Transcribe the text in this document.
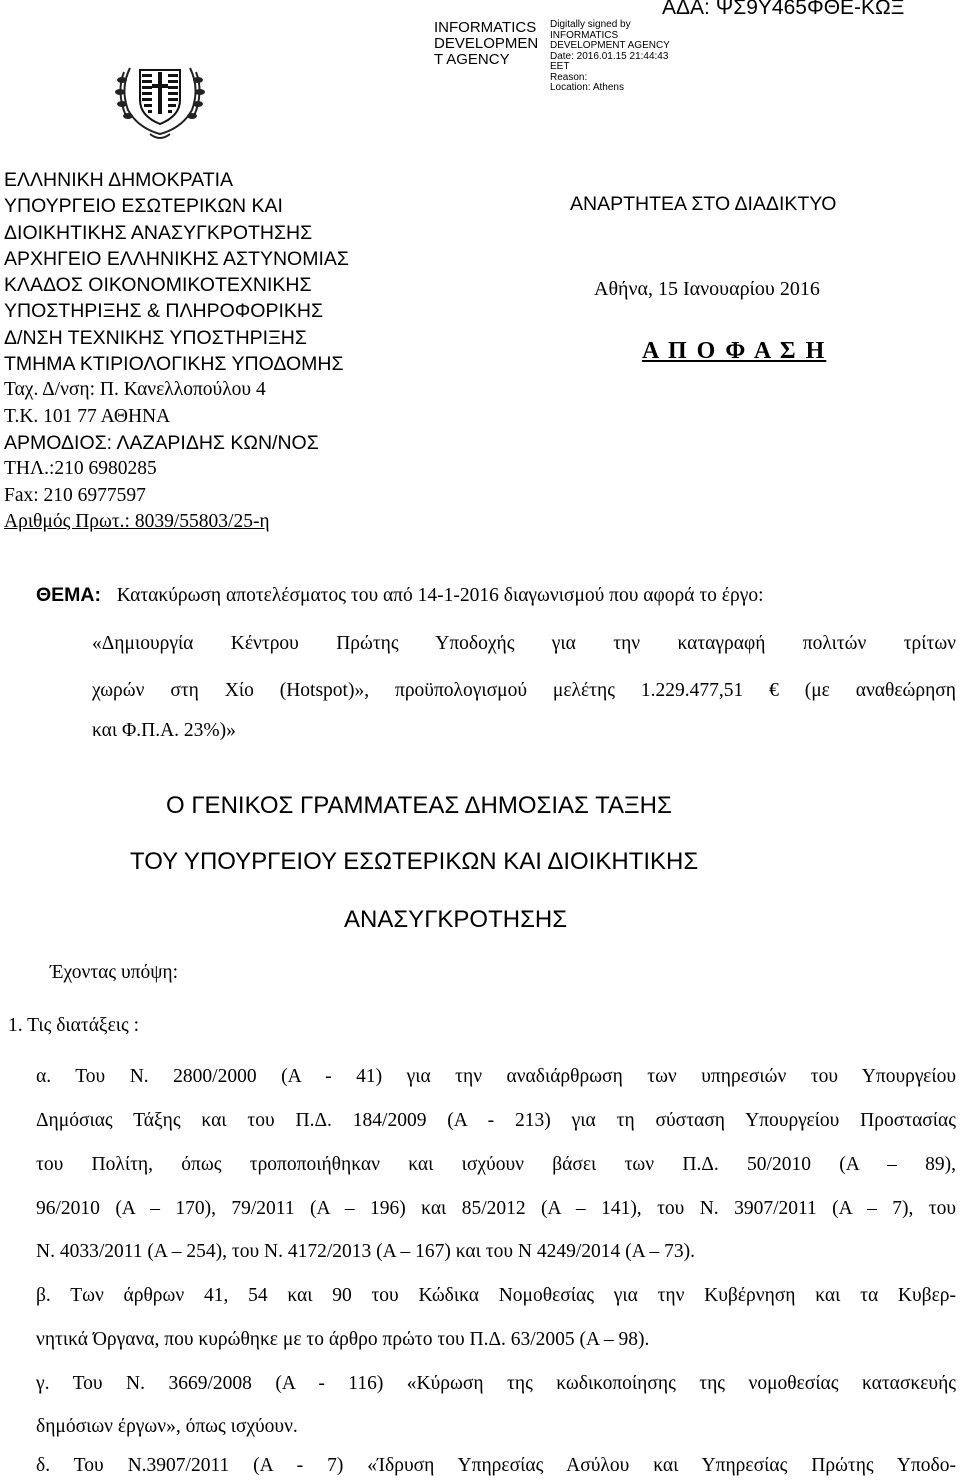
INFORMATICS
DEVELOPMEN
T AGENCY
Digitally signed by
INFORMATICS
DEVELOPMENT AGENCY
Date: 2016.01.15 21:44:43
EET
Reason:
Location: Athens
ΑΔΑ: ΨΣ9Υ465ΦΘΕ-ΚΩΞ
ΕΛΛΗΝΙΚΗ ΔΗΜΟΚΡΑΤΙΑ
ΥΠΟΥΡΓΕΙΟ ΕΣΩΤΕΡΙΚΩΝ ΚΑΙ
ΔΙΟΙΚΗΤΙΚΗΣ ΑΝΑΣΥΓΚΡΟΤΗΣΗΣ
ΑΡΧΗΓΕΙΟ ΕΛΛΗΝΙΚΗΣ ΑΣΤΥΝΟΜΙΑΣ
ΚΛΑΔΟΣ ΟΙΚΟΝΟΜΙΚΟΤΕΧΝΙΚΗΣ
ΥΠΟΣΤΗΡΙΞΗΣ & ΠΛΗΡΟΦΟΡΙΚΗΣ
Δ/ΝΣΗ ΤΕΧΝΙΚΗΣ ΥΠΟΣΤΗΡΙΞΗΣ
ΤΜΗΜΑ ΚΤΙΡΙΟΛΟΓΙΚΗΣ ΥΠΟΔΟΜΗΣ
Ταχ. Δ/νση: Π. Κανελλοπούλου 4
Τ.Κ. 101 77 ΑΘΗΝΑ
ΑΡΜΟΔΙΟΣ: ΛΑΖΑΡΙΔΗΣ ΚΩΝ/ΝΟΣ
ΤΗΛ.:210 6980285
Fax: 210 6977597
Αριθμός Πρωτ.: 8039/55803/25-η
ΑΝΑΡΤΗΤΕΑ ΣΤΟ ΔΙΑΔΙΚΤΥΟ
Αθήνα, 15 Ιανουαρίου 2016
Α Π Ο Φ Α Σ Η
ΘΕΜΑ: Κατακύρωση αποτελέσματος του από 14-1-2016 διαγωνισμού που αφορά το έργο:
«Δημιουργία Κέντρου Πρώτης Υποδοχής για την καταγραφή πολιτών τρίτων
χωρών στη Χίο (Hotspot)», προϋπολογισμού μελέτης 1.229.477,51 € (με αναθεώρηση
και Φ.Π.Α. 23%)»
Ο ΓΕΝΙΚΟΣ ΓΡΑΜΜΑΤΕΑΣ ΔΗΜΟΣΙΑΣ ΤΑΞΗΣ
ΤΟΥ ΥΠΟΥΡΓΕΙΟΥ ΕΣΩΤΕΡΙΚΩΝ ΚΑΙ ΔΙΟΙΚΗΤΙΚΗΣ
ΑΝΑΣΥΓΚΡΟΤΗΣΗΣ
Έχοντας υπόψη:
1. Τις διατάξεις :
α. Του Ν. 2800/2000 (Α - 41) για την αναδιάρθρωση των υπηρεσιών του Υπουργείου
Δημόσιας Τάξης και του Π.Δ. 184/2009 (Α - 213) για τη σύσταση Υπουργείου Προστασίας
του Πολίτη, όπως τροποποιήθηκαν και ισχύουν βάσει των Π.Δ. 50/2010 (Α – 89),
96/2010 (Α – 170), 79/2011 (Α – 196) και 85/2012 (Α – 141), του Ν. 3907/2011 (Α – 7), του
Ν. 4033/2011 (Α – 254), του Ν. 4172/2013 (Α – 167) και του Ν 4249/2014 (Α – 73).
β. Των άρθρων 41, 54 και 90 του Κώδικα Νομοθεσίας για την Κυβέρνηση και τα Κυβερ-
νητικά Όργανα, που κυρώθηκε με το άρθρο πρώτο του Π.Δ. 63/2005 (Α – 98).
γ. Του Ν. 3669/2008 (Α - 116) «Κύρωση της κωδικοποίησης της νομοθεσίας κατασκευής
δημόσιων έργων», όπως ισχύουν.
δ. Του Ν.3907/2011 (Α - 7) «Ίδρυση Υπηρεσίας Ασύλου και Υπηρεσίας Πρώτης Υποδο-
